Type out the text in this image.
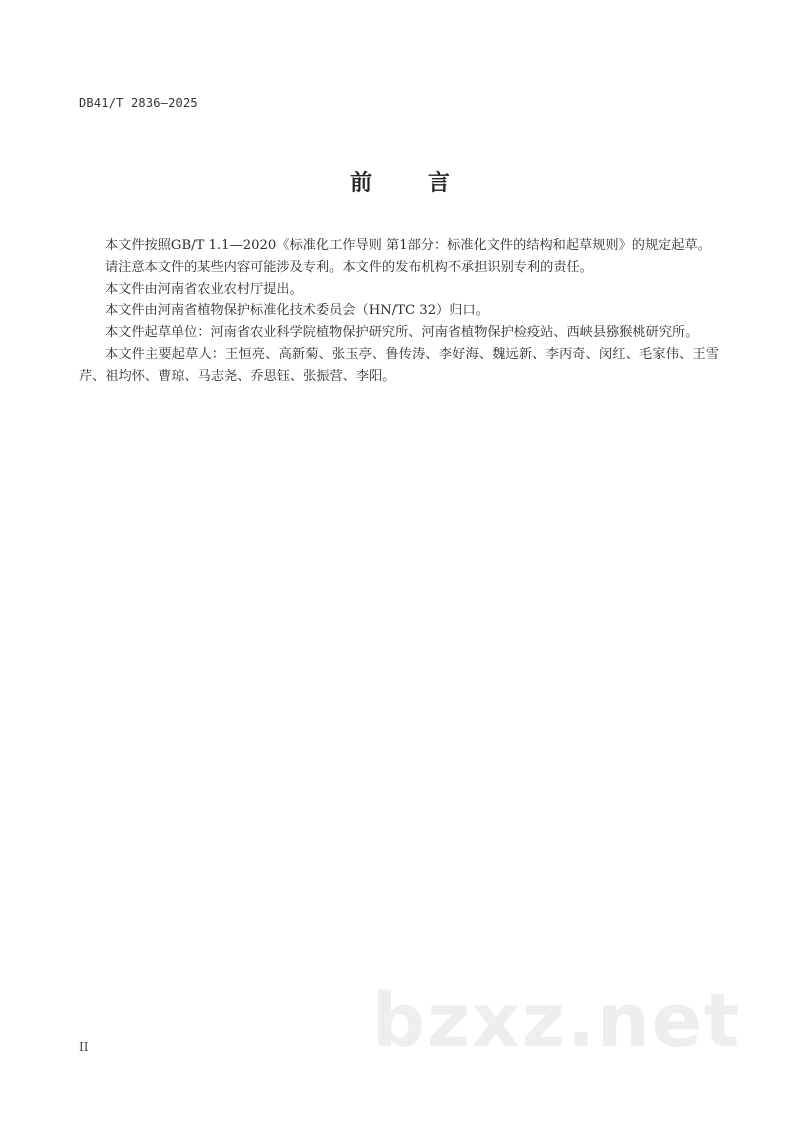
DB41/T 2836—2025
前 言

本文件按照GB/T 1.1—2020《标准化工作导则 第1部分：标准化文件的结构和起草规则》的规定起草。

请注意本文件的某些内容可能涉及专利。本文件的发布机构不承担识别专利的责任。

本文件由河南省农业农村厅提出。

本文件由河南省植物保护标准化技术委员会（HN/TC 32）归口。

本文件起草单位：河南省农业科学院植物保护研究所、河南省植物保护检疫站、西峡县猕猴桃研究所。

本文件主要起草人：王恒亮、高新菊、张玉亭、鲁传涛、李好海、魏远新、李丙奇、闵红、毛家伟、王雪芹、祖均怀、曹琼、马志尧、乔思钰、张振营、李阳。

II	bzxz.net
